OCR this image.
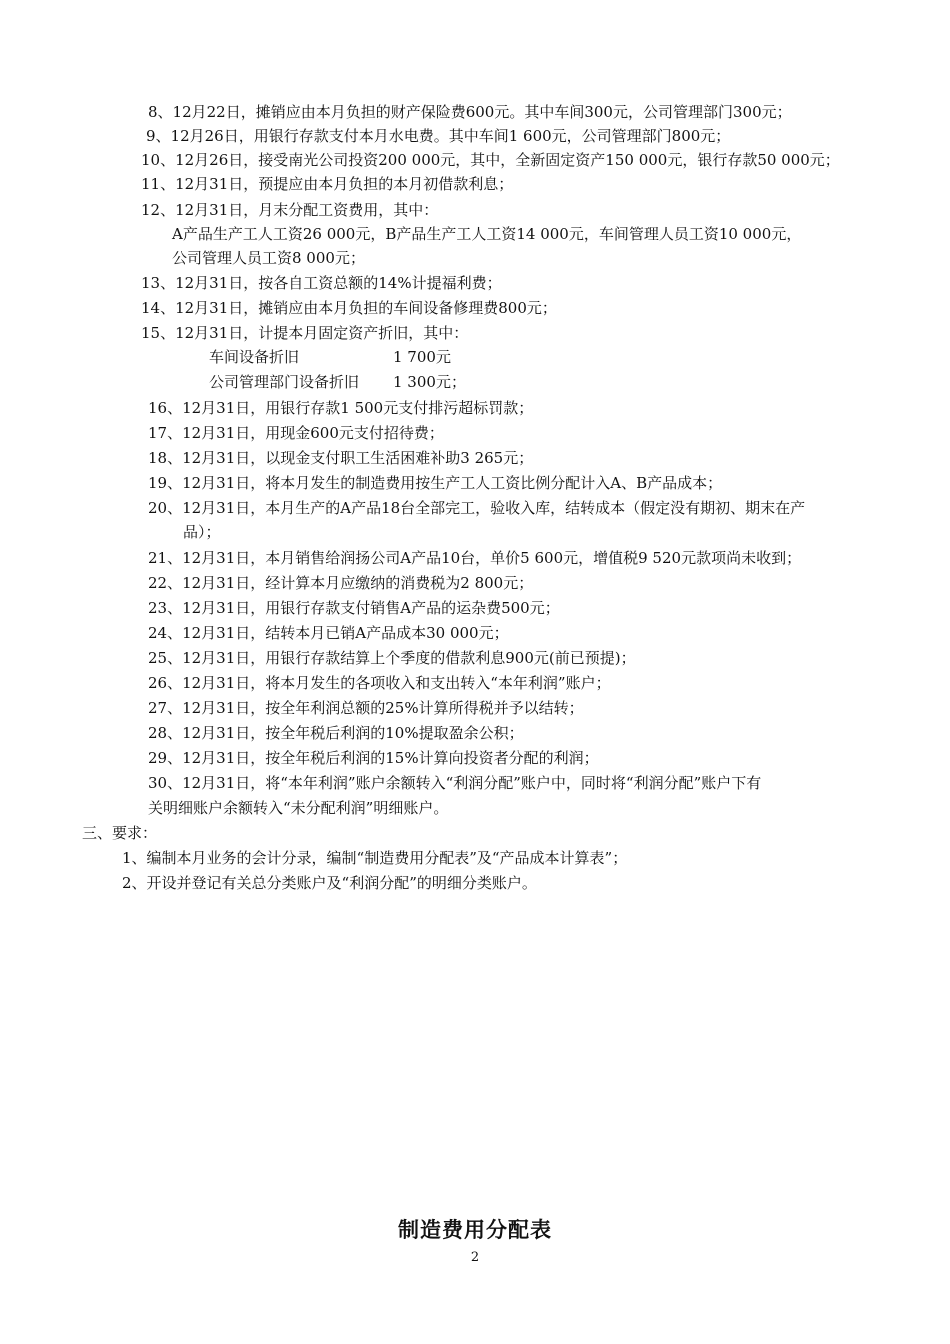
8、12月22日，摊销应由本月负担的财产保险费600元。其中车间300元，公司管理部门300元；
9、12月26日，用银行存款支付本月水电费。其中车间1 600元，公司管理部门800元；
10、12月26日，接受南光公司投资200 000元，其中，全新固定资产150 000元，银行存款50 000元；
11、12月31日，预提应由本月负担的本月初借款利息；
12、12月31日，月末分配工资费用，其中：
A产品生产工人工资26 000元，B产品生产工人工资14 000元，车间管理人员工资10 000元，
公司管理人员工资8 000元；
13、12月31日，按各自工资总额的14%计提福利费；
14、12月31日，摊销应由本月负担的车间设备修理费800元；
15、12月31日，计提本月固定资产折旧，其中：
车间设备折旧	1 700元
公司管理部门设备折旧 1 300元；
16、12月31日，用银行存款1 500元支付排污超标罚款；
17、12月31日，用现金600元支付招待费；
18、12月31日，以现金支付职工生活困难补助3 265元；
19、12月31日，将本月发生的制造费用按生产工人工资比例分配计入A、B产品成本；
20、12月31日，本月生产的A产品18台全部完工，验收入库，结转成本（假定没有期初、期末在产
品）；
21、12月31日，本月销售给润扬公司A产品10台，单价5 600元，增值税9 520元款项尚未收到；
22、12月31日，经计算本月应缴纳的消费税为2 800元；
23、12月31日，用银行存款支付销售A产品的运杂费500元；
24、12月31日，结转本月已销A产品成本30 000元；
25、12月31日，用银行存款结算上个季度的借款利息900元(前已预提)；
26、12月31日，将本月发生的各项收入和支出转入“本年利润”账户；
27、12月31日，按全年利润总额的25%计算所得税并予以结转；
28、12月31日，按全年税后利润的10%提取盈余公积；
29、12月31日，按全年税后利润的15%计算向投资者分配的利润；
30、12月31日，将“本年利润”账户余额转入“利润分配”账户中，同时将“利润分配”账户下有
关明细账户余额转入“未分配利润”明细账户。
三、要求：
1、编制本月业务的会计分录，编制“制造费用分配表”及“产品成本计算表”；
2、开设并登记有关总分类账户及“利润分配”的明细分类账户。
制造费用分配表
2
